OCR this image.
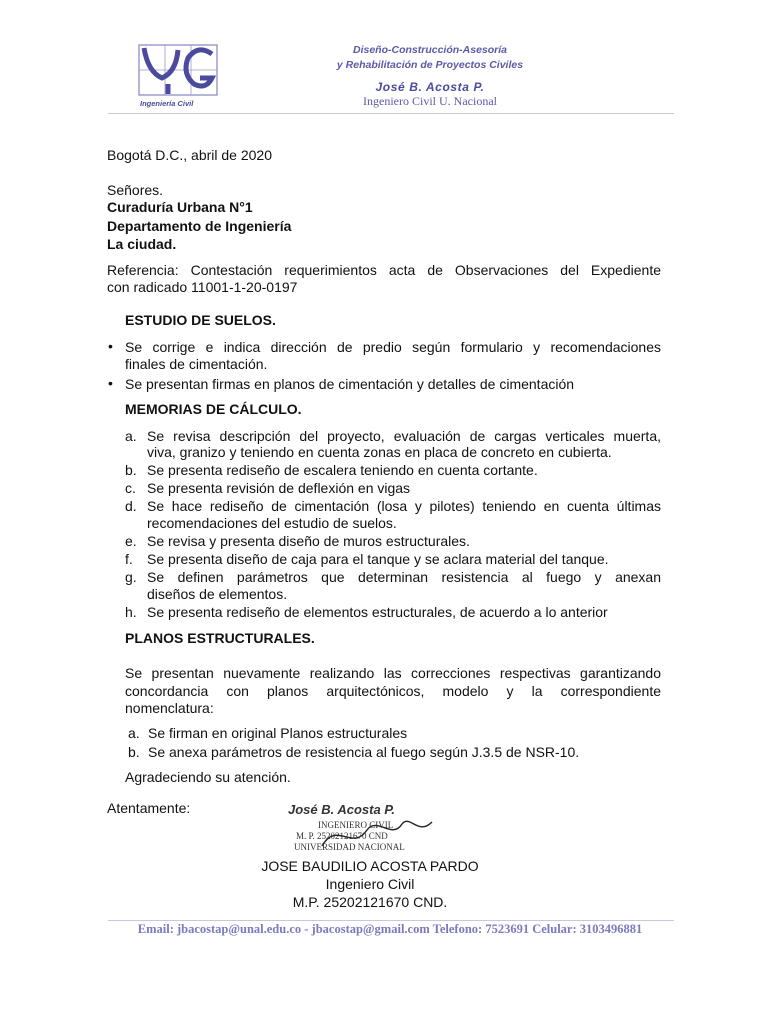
Ingeniería Civil
Diseño-Construcción-Asesoría
y Rehabilitación de Proyectos Civiles
José B. Acosta P.
Ingeniero Civil U. Nacional
Bogotá D.C., abril de 2020
Señores.
Curaduría Urbana N°1
Departamento de Ingeniería
La ciudad.
Referencia: Contestación requerimientos acta de Observaciones del Expediente
con radicado 11001-1-20-0197
ESTUDIO DE SUELOS.
• Se corrige e indica dirección de predio según formulario y recomendaciones
finales de cimentación.
• Se presentan firmas en planos de cimentación y detalles de cimentación
MEMORIAS DE CÁLCULO.
a. Se revisa descripción del proyecto, evaluación de cargas verticales muerta,
viva, granizo y teniendo en cuenta zonas en placa de concreto en cubierta.
b. Se presenta rediseño de escalera teniendo en cuenta cortante.
c. Se presenta revisión de deflexión en vigas
d. Se hace rediseño de cimentación (losa y pilotes) teniendo en cuenta últimas
recomendaciones del estudio de suelos.
e. Se revisa y presenta diseño de muros estructurales.
f. Se presenta diseño de caja para el tanque y se aclara material del tanque.
g. Se definen parámetros que determinan resistencia al fuego y anexan
diseños de elementos.
h. Se presenta rediseño de elementos estructurales, de acuerdo a lo anterior
PLANOS ESTRUCTURALES.
Se presentan nuevamente realizando las correcciones respectivas garantizando
concordancia con planos arquitectónicos, modelo y la correspondiente
nomenclatura:
a. Se firman en original Planos estructurales
b. Se anexa parámetros de resistencia al fuego según J.3.5 de NSR-10.
Agradeciendo su atención.
Atentamente:	José B. Acosta P.
INGENIERO CIVIL
M. P. 25202121670 CND
UNIVERSIDAD NACIONAL
JOSE BAUDILIO ACOSTA PARDO
Ingeniero Civil
M.P. 25202121670 CND.
Email: jbacostap@unal.edu.co - jbacostap@gmail.com Telefono: 7523691 Celular: 3103496881
